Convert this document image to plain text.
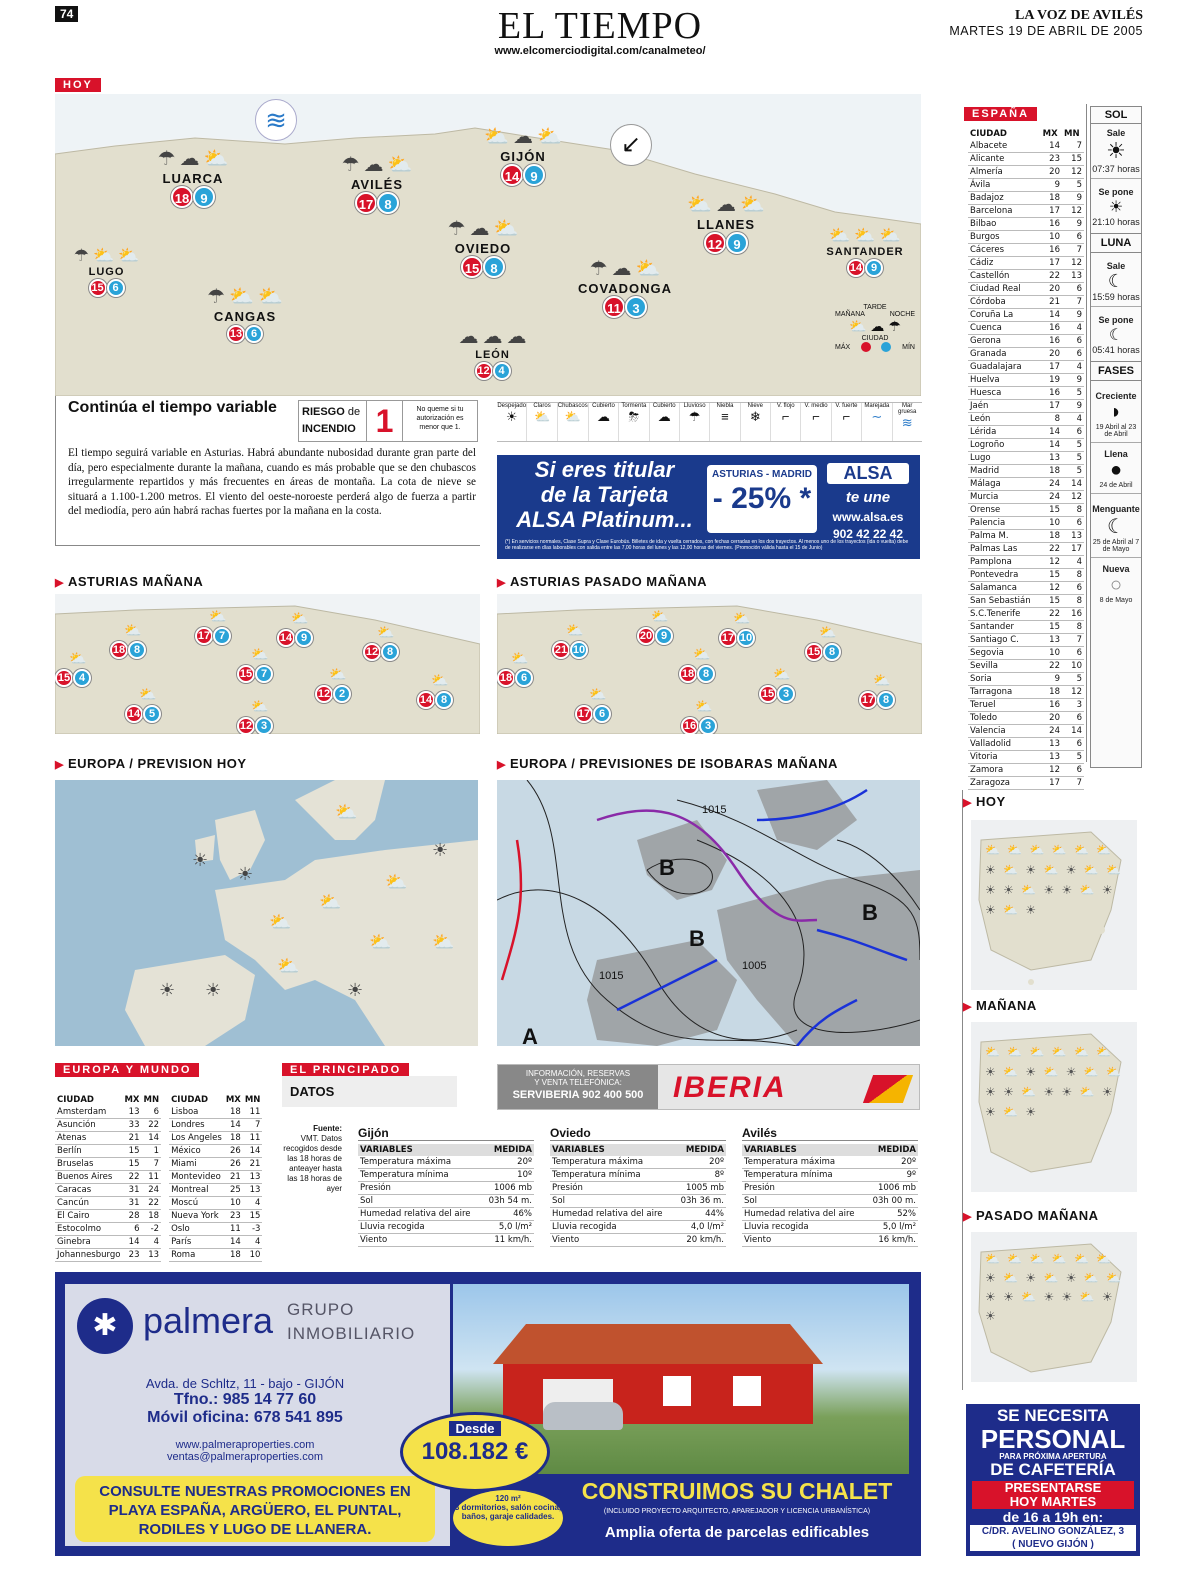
74	EL TIEMPO
www.elcomerciodigital.com/canalmeteo/
LA VOZ DE AVILÉS
MARTES 19 DE ABRIL DE 2005
HOY
≋
↙
☂ ☁ ⛅
LUARCA
18 9
☂ ☁ ⛅
AVILÉS
17 8
⛅ ☁ ⛅
GIJÓN
14 9
⛅ ☁ ⛅
LLANES
12 9	⛅ ⛅ ⛅
SANTANDER
14 9
☂ ⛅ ⛅
LUGO
15 6
☂ ☁ ⛅
OVIEDO
15 8	☂ ☁ ⛅
COVADONGA
11 3
☂ ⛅ ⛅
CANGAS
13 6	☁ ☁ ☁
LEÓN
12 4
TARDE
MAÑANA	NOCHE
⛅ ☁ ☂
CIUDAD
MÁX	MÍN
Continúa el tiempo variable	RIESGO de
INCENDIO 1	No queme si tu autorización es menor que 1.
El tiempo seguirá variable en Asturias. Habrá abundante nubosidad durante gran parte del día, pero especialmente durante la mañana, cuando es más probable que se den chubascos irregularmente repartidos y más frecuentes en áreas de montaña. La cota de nieve se situará a 1.100-1.200 metros. El viento del oeste-noroeste perderá algo de fuerza a partir del mediodía, pero aún habrá rachas fuertes por la mañana en la costa.
Despejado
☀
Claros
⛅
Chubascos
⛅
Cubierto
☁
Tormenta
⛈
Cubierto
☁
Lluvioso
☂
Niebla
≡
Nieve
❄
V. flojo
⌐
V. medio
⌐
V. fuerte
⌐
Marejada
∼
Mar gruesa
≋
Si eres titular
de la Tarjeta
ALSA Platinum...
ASTURIAS - MADRID
- 25% *
ALSA
te une
www.alsa.es
902 42 22 42
(*) En servicios normales, Clase Supra y Clase Eurobús. Billetes de ida y vuelta cerrados, con fechas cerradas en los dos trayectos. Al menos uno de los trayectos (ida o vuelta) debe de realizarse en días laborables con salida entre las 7,00 horas del lunes y las 12,00 horas del viernes. (Promoción válida hasta el 15 de Junio)
▶ ASTURIAS MAÑANA
⛅
15 4
⛅
18 8
⛅
14 5
⛅
17 7
⛅
15 7
⛅
14 9
⛅
12 2
⛅
12 3
⛅
12 8
⛅
14 8
▶ ASTURIAS PASADO MAÑANA
⛅
18 6
⛅
21 10
⛅
17 6
⛅
20 9
⛅
18 8
⛅
17 10
⛅
16 3
⛅
15 3
⛅
15 8
⛅
17 8
▶ EUROPA / PREVISION HOY
☀
☀
⛅
☀
⛅
⛅
⛅
⛅ ⛅
⛅
☀ ☀	☀
▶ EUROPA / PREVISIONES DE ISOBARAS MAÑANA
1015
1015
1005
B
B
B
A
EUROPA Y MUNDO
CIUDAD	MX	MN
Amsterdam	13	6
Asunción	33	22
Atenas	21	14
Berlín	15	1
Bruselas	15	7
Buenos Aires	22	11
Caracas	31	24
Cancún	31	22
El Cairo	28	18
Estocolmo	6	-2
Ginebra	14	4
Johannesburgo	23	13
CIUDAD	MX	MN
Lisboa	18	11
Londres	14	7
Los Angeles	18	11
México	26	14
Miami	26	21
Montevideo	21	13
Montreal	25	13
Moscú	10	4
Nueva York	23	15
Oslo	11	-3
París	14	4
Roma	18	10
EL PRINCIPADO
DATOS
Fuente:
VMT. Datos recogidos desde las 18 horas de anteayer hasta las 18 horas de ayer
Gijón
VARIABLES	MEDIDA
Temperatura máxima	20º
Temperatura mínima	10º
Presión	1006 mb
Sol	03h 54 m.
Humedad relativa del aire	46%
Lluvia recogida	5,0 l/m²
Viento	11 km/h.
Oviedo
VARIABLES	MEDIDA
Temperatura máxima	20º
Temperatura mínima	8º
Presión	1005 mb
Sol	03h 36 m.
Humedad relativa del aire	44%
Lluvia recogida	4,0 l/m²
Viento	20 km/h.
Avilés
VARIABLES	MEDIDA
Temperatura máxima	20º
Temperatura mínima	9º
Presión	1006 mb
Sol	03h 00 m.
Humedad relativa del aire	52%
Lluvia recogida	5,0 l/m²
Viento	16 km/h.
INFORMACIÓN, RESERVAS
Y VENTA TELEFÓNICA:
SERVIBERIA 902 400 500 IBERIA
ESPAÑA
CIUDAD	MX	MN
Albacete	14	7
Alicante	23	15
Almería	20	12
Ávila	9	5
Badajoz	18	9
Barcelona	17	12
Bilbao	16	9
Burgos	10	6
Cáceres	16	7
Cádiz	17	12
Castellón	22	13
Ciudad Real	20	6
Córdoba	21	7
Coruña La	14	9
Cuenca	16	4
Gerona	16	6
Granada	20	6
Guadalajara	17	4
Huelva	19	9
Huesca	16	5
Jaén	17	9
León	8	4
Lérida	14	6
Logroño	14	5
Lugo	13	5
Madrid	18	5
Málaga	24	14
Murcia	24	12
Orense	15	8
Palencia	10	6
Palma M.	18	13
Palmas Las	22	17
Pamplona	12	4
Pontevedra	15	8
Salamanca	12	6
San Sebastián	15	8
S.C.Tenerife	22	16
Santander	15	8
Santiago C.	13	7
Segovia	10	6
Sevilla	22	10
Soria	9	5
Tarragona	18	12
Teruel	16	3
Toledo	20	6
Valencia	24	14
Valladolid	13	6
Vitoria	13	5
Zamora	12	6
Zaragoza	17	7
SOL
Sale
☀
07:37 horas
Se pone
☀
21:10 horas
LUNA
Sale
☾
15:59 horas
Se pone
☾
05:41 horas
FASES
Creciente
◗
19 Abril al 23 de Abril
Llena
●
24 de Abril
Menguante
☾
25 de Abril al 7 de Mayo
Nueva
○
8 de Mayo
▶ HOY
⛅ ⛅ ⛅ ⛅ ⛅ ⛅ ☀ ⛅ ☀ ⛅ ☀ ⛅ ⛅ ☀ ☀ ⛅ ☀ ☀ ⛅ ☀ ☀ ⛅ ☀
▶ MAÑANA
⛅ ⛅ ⛅ ⛅ ⛅ ⛅ ☀ ⛅ ☀ ⛅ ☀ ⛅ ⛅ ☀ ☀ ⛅ ☀ ☀ ⛅ ☀ ☀ ⛅ ☀
▶ PASADO MAÑANA
⛅ ⛅ ⛅ ⛅ ⛅ ⛅ ☀ ⛅ ☀ ⛅ ☀ ⛅ ⛅ ☀ ☀ ⛅ ☀ ☀ ⛅ ☀ ☀
✱ palmera GRUPO
INMOBILIARIO
Avda. de Schltz, 11 - bajo - GIJÓN
Tfno.: 985 14 77 60
Móvil oficina: 678 541 895
www.palmeraproperties.com
ventas@palmeraproperties.com
CONSULTE NUESTRAS PROMOCIONES EN PLAYA ESPAÑA, ARGÜERO, EL PUNTAL, RODILES Y LUGO DE LLANERA.
Desde
108.182 €
120 m²
3 dormitorios, salón cocina, baños, garaje calidades.
CONSTRUIMOS SU CHALET
(INCLUIDO PROYECTO ARQUITECTO, APAREJADOR Y LICENCIA URBANÍSTICA)
Amplia oferta de parcelas edificables
SE NECESITA
PERSONAL
PARA PRÓXIMA APERTURA
DE CAFETERÍA
PRESENTARSE
HOY MARTES
de 16 a 19h en:
C/DR. AVELINO GONZÁLEZ, 3
( NUEVO GIJÓN )
